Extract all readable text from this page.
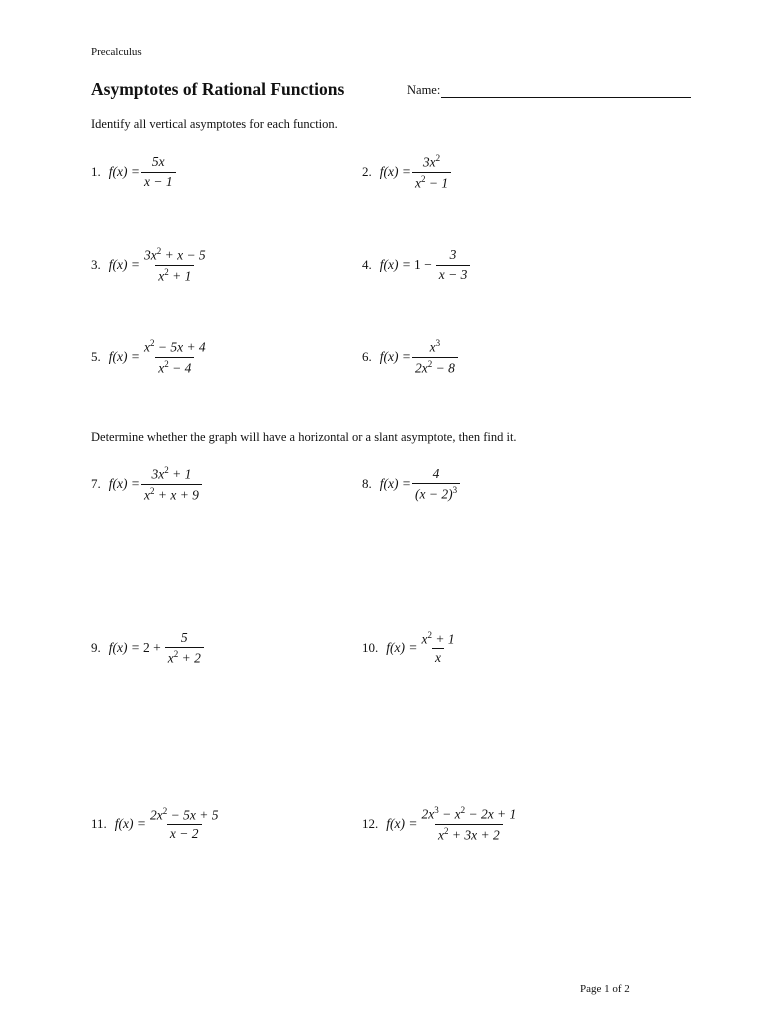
Precalculus
Asymptotes of Rational Functions	Name:
Identify all vertical asymptotes for each function.
Determine whether the graph will have a horizontal or a slant asymptote, then find it.
1. $f(x) = \frac{5x}{x - 1}$	2. $f(x) = \frac{3x^2}{x^2 - 1}$
3. $f(x) = \frac{3x^2 + x - 5}{x^2 + 1}$	4. $f(x) = 1 - \frac{3}{x - 3}$
5. $f(x) = \frac{x^2 - 5x + 4}{x^2 - 4}$	6. $f(x) = \frac{x^3}{2x^2 - 8}$
7. $f(x) = \frac{3x^2 + 1}{x^2 + x + 9}$	8. $f(x) = \frac{4}{(x - 2)^3}$
9. $f(x) = 2 + \frac{5}{x^2 + 2}$	10. $f(x) = \frac{x^2 + 1}{x}$
11. $f(x) = \frac{2x^2 - 5x + 5}{x - 2}$	12. $f(x) = \frac{2x^3 - x^2 - 2x + 1}{x^2 + 3x + 2}$
Page 1 of 2
